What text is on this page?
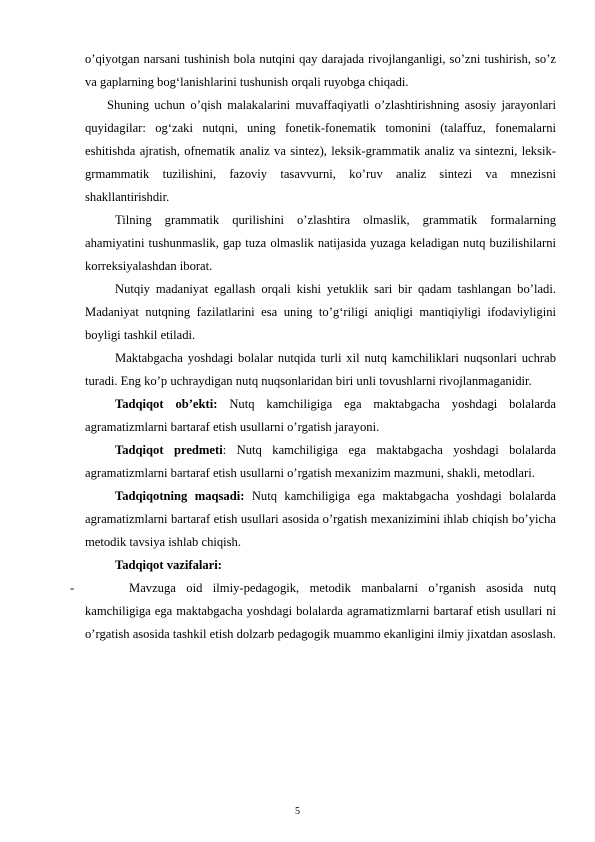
o’qiyotgan narsani tushinish bola nutqini qay darajada rivojlanganligi, so’zni tushirish, so’z va gaplarning bog‘lanishlarini tushunish orqali ruyobga chiqadi.

Shuning uchun o’qish malakalarini muvaffaqiyatli o’zlashtirishning asosiy jarayonlari quyidagilar: og‘zaki nutqni, uning fonetik-fonematik tomonini (talaffuz, fonemalarni eshitishda ajratish, ofnematik analiz va sintez), leksik-grammatik analiz va sintezni, leksik-grmammatik tuzilishini, fazoviy tasavvurni, ko’ruv analiz sintezi va mnezisni shakllantirishdir.

Tilning grammatik qurilishini o’zlashtira olmaslik, grammatik formalarning ahamiyatini tushunmaslik, gap tuza olmaslik natijasida yuzaga keladigan nutq buzilishilarni korreksiyalashdan iborat.

Nutqiy madaniyat egallash orqali kishi yetuklik sari bir qadam tashlangan bo’ladi. Madaniyat nutqning fazilatlarini esa uning to’g‘riligi aniqligi mantiqiyligi ifodaviyligini boyligi tashkil etiladi.

Maktabgacha yoshdagi bolalar nutqida turli xil nutq kamchiliklari nuqsonlari uchrab turadi. Eng ko’p uchraydigan nutq nuqsonlaridan biri unli tovushlarni rivojlanmaganidir.

Tadqiqot ob’ekti: Nutq kamchiligiga ega maktabgacha yoshdagi bolalarda agramatizmlarni bartaraf etish usullarni o’rgatish jarayoni.

Tadqiqot predmeti: Nutq kamchiligiga ega maktabgacha yoshdagi bolalarda agramatizmlarni bartaraf etish usullarni o’rgatish mexanizim mazmuni, shakli, metodlari.

Tadqiqotning maqsadi: Nutq kamchiligiga ega maktabgacha yoshdagi bolalarda agramatizmlarni bartaraf etish usullari asosida o’rgatish mexanizimini ihlab chiqish bo’yicha metodik tavsiya ishlab chiqish.

Tadqiqot vazifalari:

-	Mavzuga oid ilmiy-pedagogik, metodik manbalarni o’rganish asosida nutq kamchiligiga ega maktabgacha yoshdagi bolalarda agramatizmlarni bartaraf etish usullari ni o’rgatish asosida tashkil etish dolzarb pedagogik muammo ekanligini ilmiy jixatdan asoslash.

5
